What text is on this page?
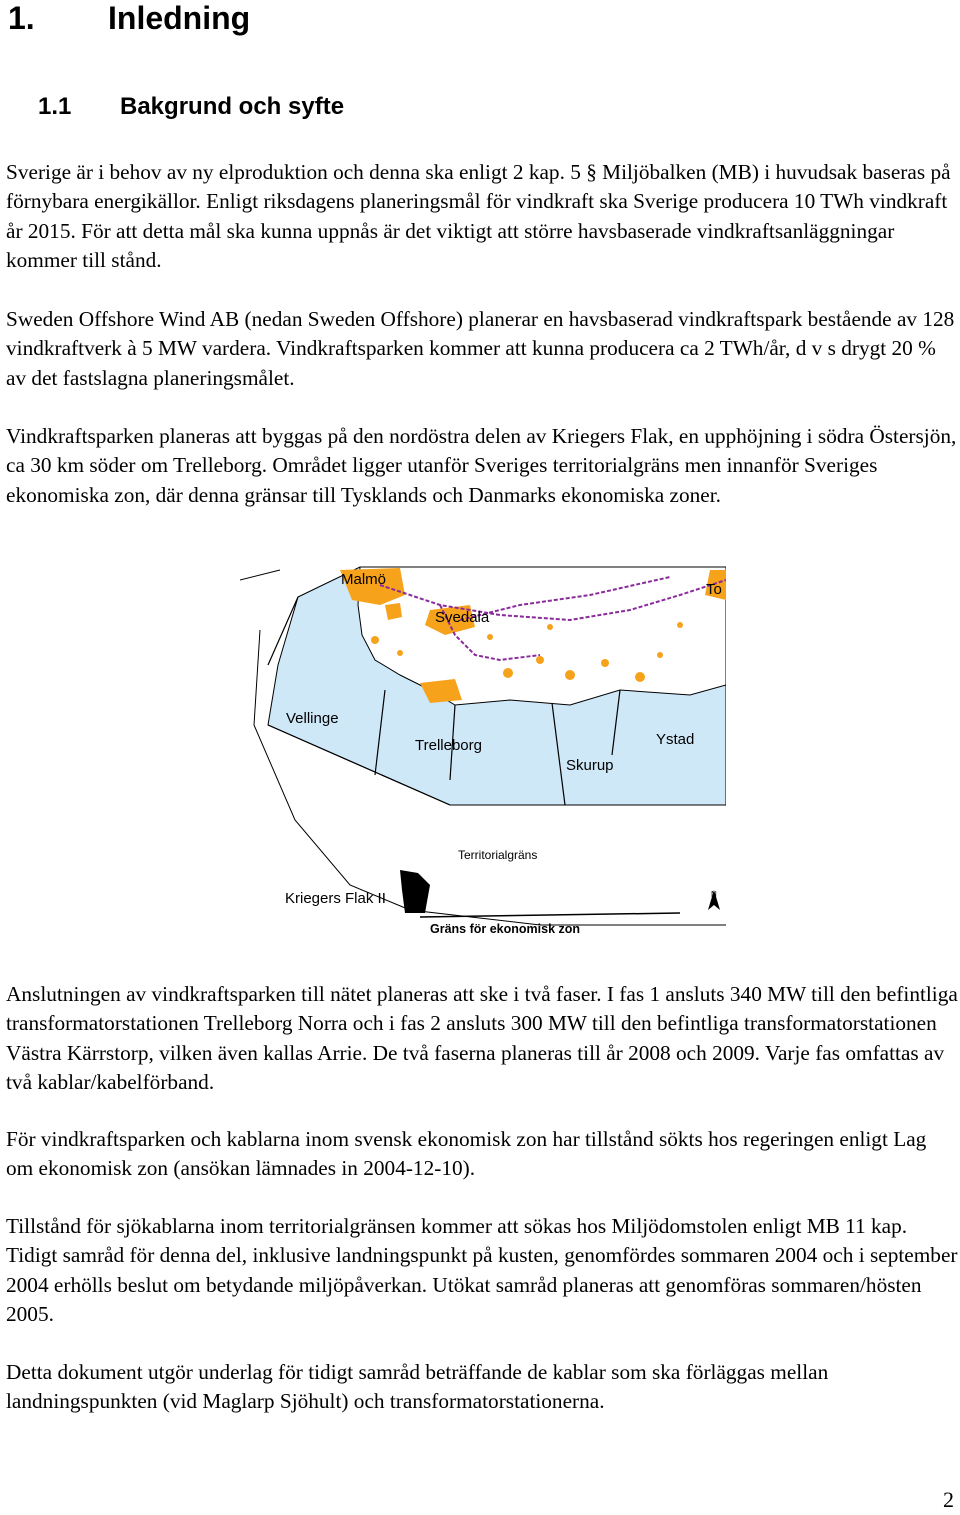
1. Inledning
1.1 Bakgrund och syfte

Sverige är i behov av ny elproduktion och denna ska enligt 2 kap. 5 § Miljöbalken (MB) i huvudsak baseras på förnybara energikällor. Enligt riksdagens planeringsmål för vindkraft ska Sverige producera 10 TWh vindkraft år 2015. För att detta mål ska kunna uppnås är det viktigt att större havsbaserade vindkraftsanläggningar kommer till stånd.

Sweden Offshore Wind AB (nedan Sweden Offshore) planerar en havsbaserad vindkraftspark bestående av 128 vindkraftverk à 5 MW vardera. Vindkraftsparken kommer att kunna producera ca 2 TWh/år, d v s drygt 20 % av det fastslagna planeringsmålet.

Vindkraftsparken planeras att byggas på den nordöstra delen av Kriegers Flak, en upphöjning i södra Östersjön, ca 30 km söder om Trelleborg. Området ligger utanför Sveriges territorialgräns men innanför Sveriges ekonomiska zon, där denna gränsar till Tysklands och Danmarks ekonomiska zoner.

Malmö
Svedala
To
Vellinge
Trelleborg
Skurup
Ystad
Territorialgräns
Kriegers Flak II
Gräns för ekonomisk zon
N

Anslutningen av vindkraftsparken till nätet planeras att ske i två faser. I fas 1 ansluts 340 MW till den befintliga transformatorstationen Trelleborg Norra och i fas 2 ansluts 300 MW till den befintliga transformatorstationen Västra Kärrstorp, vilken även kallas Arrie. De två faserna planeras till år 2008 och 2009. Varje fas omfattas av två kablar/kabelförband.

För vindkraftsparken och kablarna inom svensk ekonomisk zon har tillstånd sökts hos regeringen enligt Lag om ekonomisk zon (ansökan lämnades in 2004-12-10).

Tillstånd för sjökablarna inom territorialgränsen kommer att sökas hos Miljödomstolen enligt MB 11 kap. Tidigt samråd för denna del, inklusive landningspunkt på kusten, genomfördes sommaren 2004 och i september 2004 erhölls beslut om betydande miljöpåverkan. Utökat samråd planeras att genomföras sommaren/hösten 2005.

Detta dokument utgör underlag för tidigt samråd beträffande de kablar som ska förläggas mellan landningspunkten (vid Maglarp Sjöhult) och transformatorstationerna.

2
